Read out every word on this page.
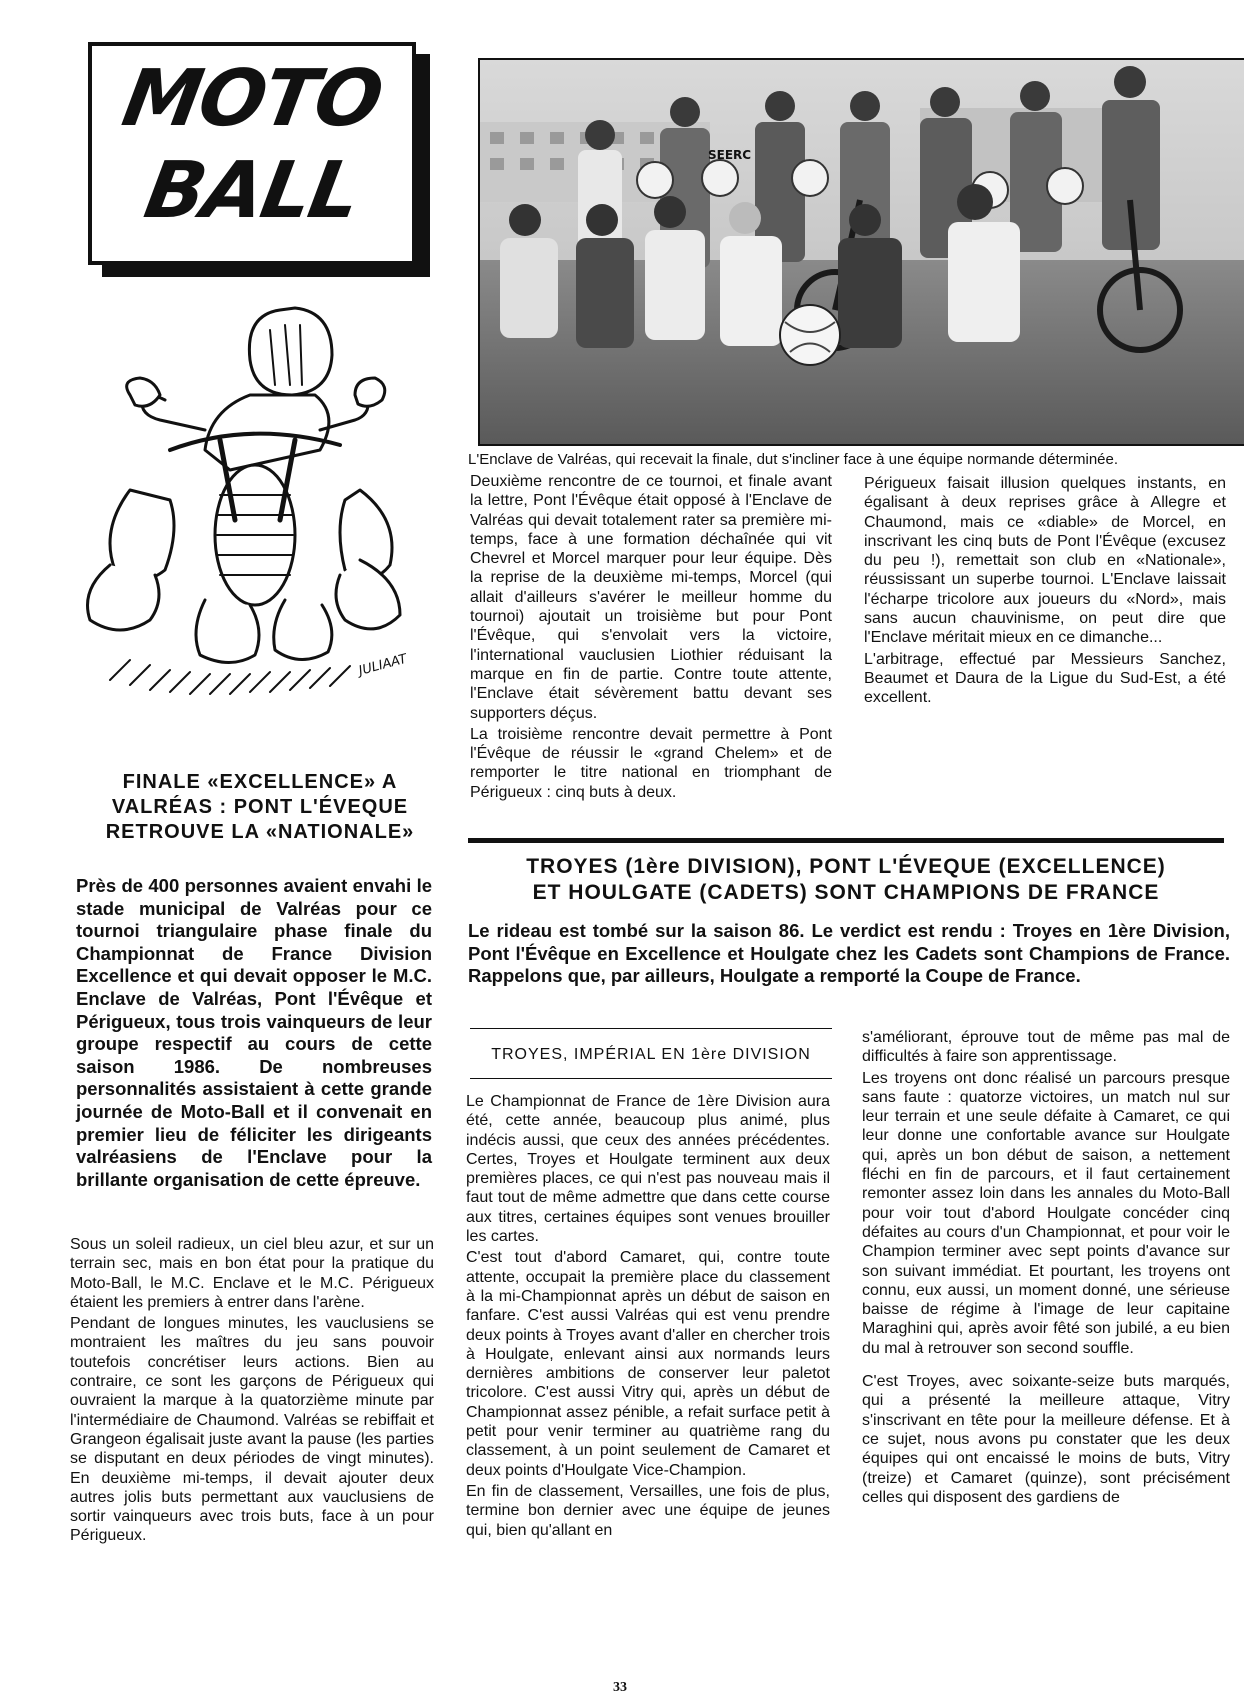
MOTO
BALL	SEERC
L'Enclave de Valréas, qui recevait la finale, dut s'incliner face à une équipe normande déterminée.
JULIAAT
FINALE «EXCELLENCE» A
VALRÉAS : PONT L'ÉVEQUE
RETROUVE LA «NATIONALE»
Près de 400 personnes avaient envahi le stade municipal de Valréas pour ce tournoi triangulaire phase finale du Championnat de France Division Excellence et qui devait opposer le M.C. Enclave de Valréas, Pont l'Évêque et Périgueux, tous trois vainqueurs de leur groupe respectif au cours de cette saison 1986. De nombreuses personnalités assistaient à cette grande journée de Moto-Ball et il convenait en premier lieu de féliciter les dirigeants valréasiens de l'Enclave pour la brillante organisation de cette épreuve.

Sous un soleil radieux, un ciel bleu azur, et sur un terrain sec, mais en bon état pour la pratique du Moto-Ball, le M.C. Enclave et le M.C. Périgueux étaient les premiers à entrer dans l'arène.

Pendant de longues minutes, les vauclusiens se montraient les maîtres du jeu sans pouvoir toutefois concrétiser leurs actions. Bien au contraire, ce sont les garçons de Périgueux qui ouvraient la marque à la quatorzième minute par l'intermédiaire de Chaumond. Valréas se rebiffait et Grangeon égalisait juste avant la pause (les parties se disputant en deux périodes de vingt minutes). En deuxième mi-temps, il devait ajouter deux autres jolis buts permettant aux vauclusiens de sortir vainqueurs avec trois buts, face à un pour Périgueux.

Deuxième rencontre de ce tournoi, et finale avant la lettre, Pont l'Évêque était opposé à l'Enclave de Valréas qui devait totalement rater sa première mi-temps, face à une formation déchaînée qui vit Chevrel et Morcel marquer pour leur équipe. Dès la reprise de la deuxième mi-temps, Morcel (qui allait d'ailleurs s'avérer le meilleur homme du tournoi) ajoutait un troisième but pour Pont l'Évêque, qui s'envolait vers la victoire, l'international vauclusien Liothier réduisant la marque en fin de partie. Contre toute attente, l'Enclave était sévèrement battu devant ses supporters déçus.

La troisième rencontre devait permettre à Pont l'Évêque de réussir le «grand Chelem» et de remporter le titre national en triomphant de Périgueux : cinq buts à deux.

Périgueux faisait illusion quelques instants, en égalisant à deux reprises grâce à Allegre et Chaumond, mais ce «diable» de Morcel, en inscrivant les cinq buts de Pont l'Évêque (excusez du peu !), remettait son club en «Nationale», réussissant un superbe tournoi. L'Enclave laissait l'écharpe tricolore aux joueurs du «Nord», mais sans aucun chauvinisme, on peut dire que l'Enclave méritait mieux en ce dimanche...

L'arbitrage, effectué par Messieurs Sanchez, Beaumet et Daura de la Ligue du Sud-Est, a été excellent.

TROYES (1ère DIVISION), PONT L'ÉVEQUE (EXCELLENCE)
ET HOULGATE (CADETS) SONT CHAMPIONS DE FRANCE
Le rideau est tombé sur la saison 86. Le verdict est rendu : Troyes en 1ère Division, Pont l'Évêque en Excellence et Houlgate chez les Cadets sont Champions de France. Rappelons que, par ailleurs, Houlgate a remporté la Coupe de France.
TROYES, IMPÉRIAL EN 1ère DIVISION

Le Championnat de France de 1ère Division aura été, cette année, beaucoup plus animé, plus indécis aussi, que ceux des années précédentes. Certes, Troyes et Houlgate terminent aux deux premières places, ce qui n'est pas nouveau mais il faut tout de même admettre que dans cette course aux titres, certaines équipes sont venues brouiller les cartes.

C'est tout d'abord Camaret, qui, contre toute attente, occupait la première place du classement à la mi-Championnat après un début de saison en fanfare. C'est aussi Valréas qui est venu prendre deux points à Troyes avant d'aller en chercher trois à Houlgate, enlevant ainsi aux normands leurs dernières ambitions de conserver leur paletot tricolore. C'est aussi Vitry qui, après un début de Championnat assez pénible, a refait surface petit à petit pour venir terminer au quatrième rang du classement, à un point seulement de Camaret et deux points d'Houlgate Vice-Champion.

En fin de classement, Versailles, une fois de plus, termine bon dernier avec une équipe de jeunes qui, bien qu'allant en

s'améliorant, éprouve tout de même pas mal de difficultés à faire son apprentissage.

Les troyens ont donc réalisé un parcours presque sans faute : quatorze victoires, un match nul sur leur terrain et une seule défaite à Camaret, ce qui leur donne une confortable avance sur Houlgate qui, après un bon début de saison, a nettement fléchi en fin de parcours, et il faut certainement remonter assez loin dans les annales du Moto-Ball pour voir tout d'abord Houlgate concéder cinq défaites au cours d'un Championnat, et pour voir le Champion terminer avec sept points d'avance sur son suivant immédiat. Et pourtant, les troyens ont connu, eux aussi, un moment donné, une sérieuse baisse de régime à l'image de leur capitaine Maraghini qui, après avoir fêté son jubilé, a eu bien du mal à retrouver son second souffle.

C'est Troyes, avec soixante-seize buts marqués, qui a présenté la meilleure attaque, Vitry s'inscrivant en tête pour la meilleure défense. Et à ce sujet, nous avons pu constater que les deux équipes qui ont encaissé le moins de buts, Vitry (treize) et Camaret (quinze), sont précisément celles qui disposent des gardiens de

33
